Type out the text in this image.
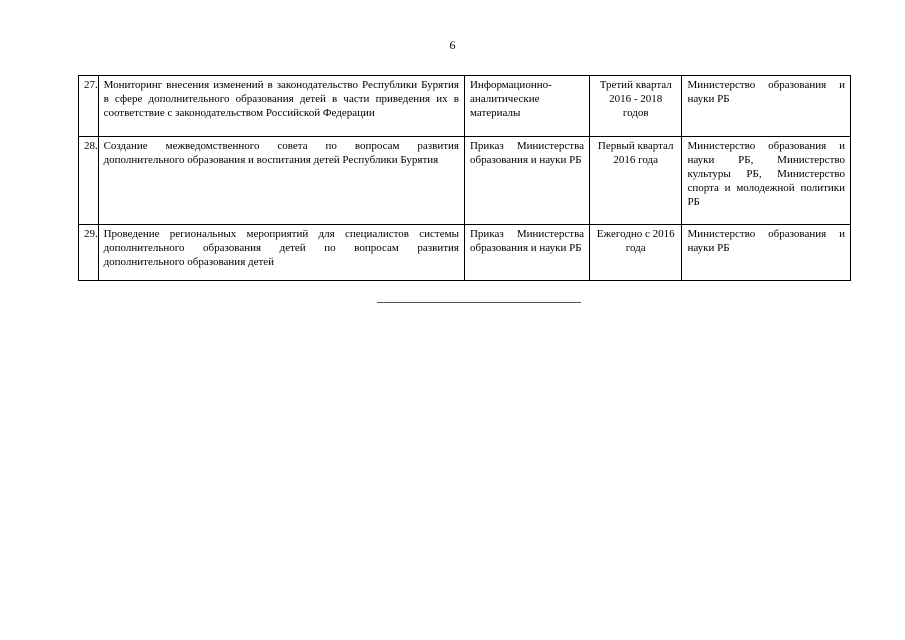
6
27.	Мониторинг внесения изменений в законодательство Республики Бурятия в сфере дополнительного образования детей в части приведения их в соответствие с законодательством Российской Федерации	Информационно-аналитические материалы	Третий квартал 2016 - 2018 годов	Министерство образования и науки РБ
28.	Создание межведомственного совета по вопросам развития дополнительного образования и воспитания детей Республики Бурятия	Приказ Министерства образования и науки РБ	Первый квартал 2016 года	Министерство образования и науки РБ, Министерство культуры РБ, Министерство спорта и молодежной политики РБ
29.	Проведение региональных мероприятий для специалистов системы дополнительного образования детей по вопросам развития дополнительного образования детей	Приказ Министерства образования и науки РБ	Ежегодно с 2016 года	Министерство образования и науки РБ
